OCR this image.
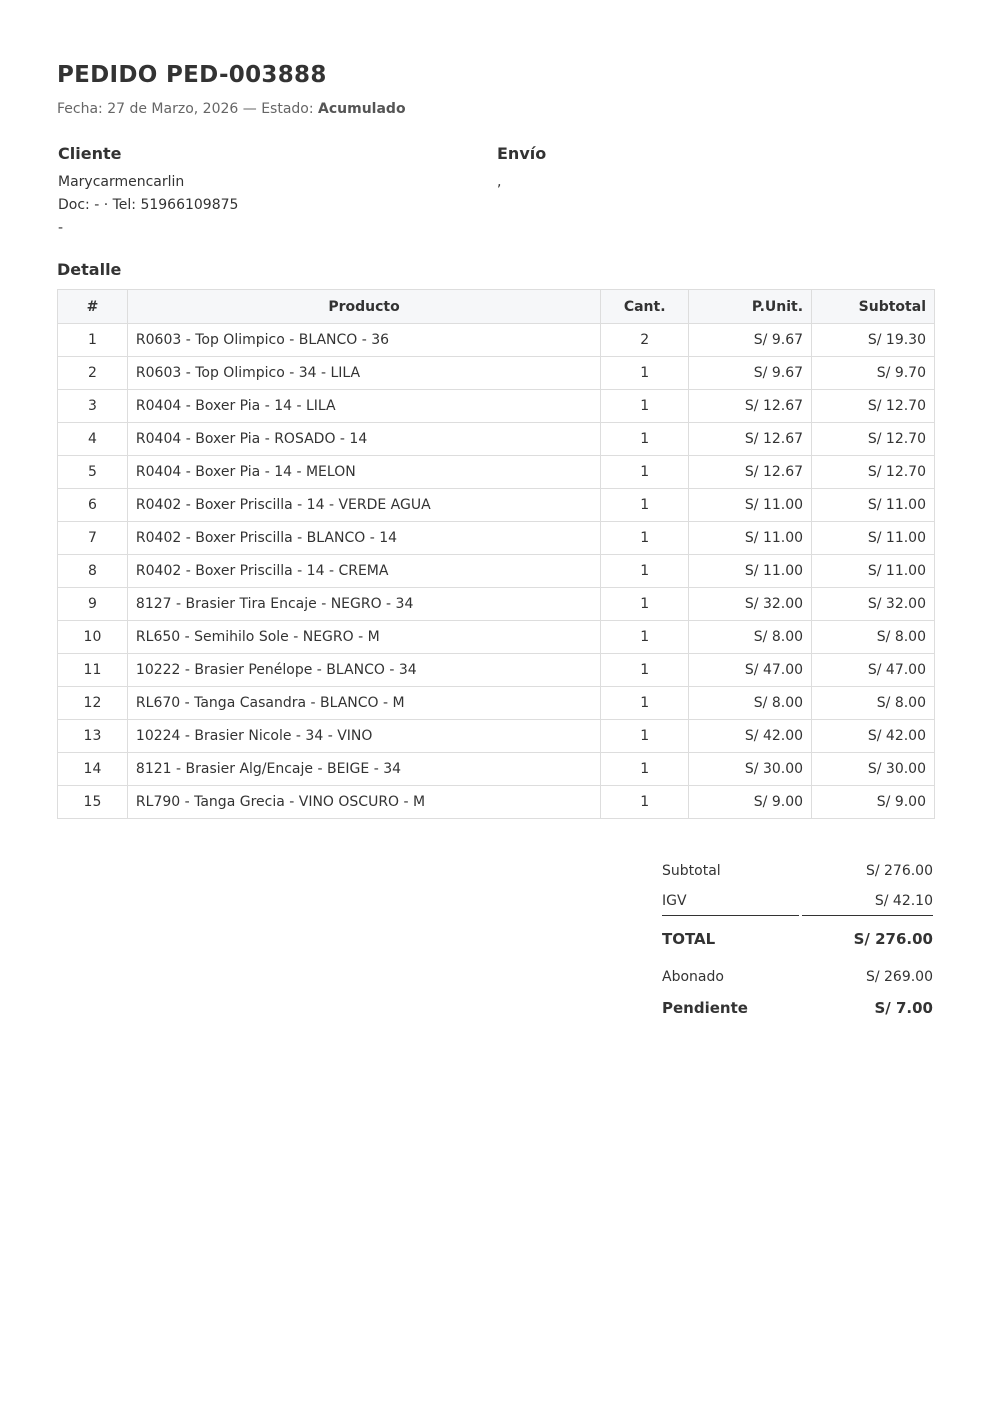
PEDIDO PED-003888
Fecha: 27 de Marzo, 2026 — Estado: Acumulado
Cliente
Marycarmencarlin
Doc: - · Tel: 51966109875
-
Envío
,
Detalle
#	Producto	Cant.	P.Unit.	Subtotal
1	R0603 - Top Olimpico - BLANCO - 36	2	S/ 9.67	S/ 19.30
2	R0603 - Top Olimpico - 34 - LILA	1	S/ 9.67	S/ 9.70
3	R0404 - Boxer Pia - 14 - LILA	1	S/ 12.67	S/ 12.70
4	R0404 - Boxer Pia - ROSADO - 14	1	S/ 12.67	S/ 12.70
5	R0404 - Boxer Pia - 14 - MELON	1	S/ 12.67	S/ 12.70
6	R0402 - Boxer Priscilla - 14 - VERDE AGUA	1	S/ 11.00	S/ 11.00
7	R0402 - Boxer Priscilla - BLANCO - 14	1	S/ 11.00	S/ 11.00
8	R0402 - Boxer Priscilla - 14 - CREMA	1	S/ 11.00	S/ 11.00
9	8127 - Brasier Tira Encaje - NEGRO - 34	1	S/ 32.00	S/ 32.00
10	RL650 - Semihilo Sole - NEGRO - M	1	S/ 8.00	S/ 8.00
11	10222 - Brasier Penélope - BLANCO - 34	1	S/ 47.00	S/ 47.00
12	RL670 - Tanga Casandra - BLANCO - M	1	S/ 8.00	S/ 8.00
13	10224 - Brasier Nicole - 34 - VINO	1	S/ 42.00	S/ 42.00
14	8121 - Brasier Alg/Encaje - BEIGE - 34	1	S/ 30.00	S/ 30.00
15	RL790 - Tanga Grecia - VINO OSCURO - M	1	S/ 9.00	S/ 9.00
Subtotal	S/ 276.00
IGV	S/ 42.10
TOTAL	S/ 276.00
Abonado	S/ 269.00
Pendiente	S/ 7.00
